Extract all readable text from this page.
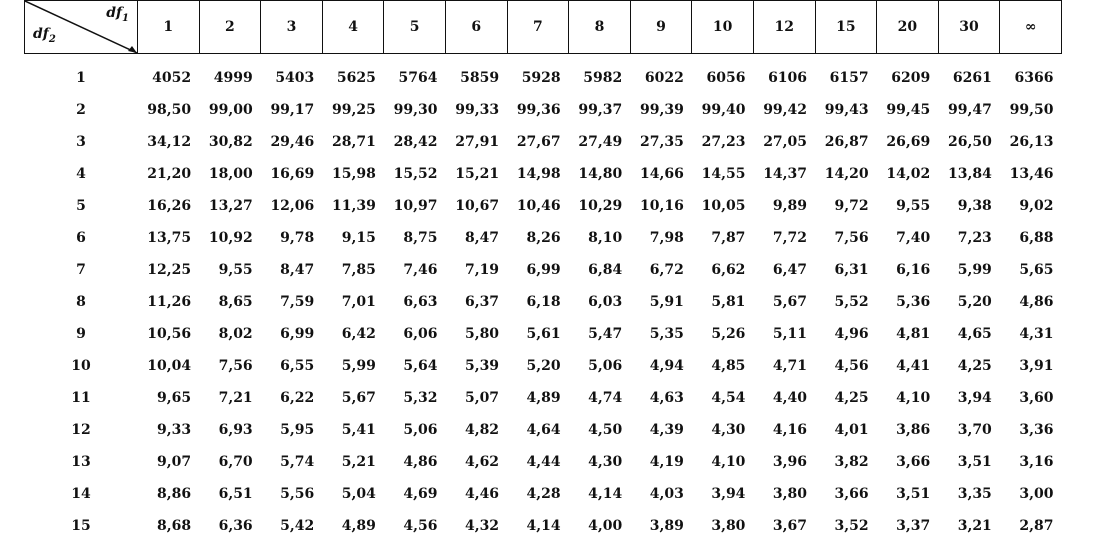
$df_1$
$df_2$	1	2	3	4	5	6	7	8	9	10	12	15	20	30	∞
1	4052	4999	5403	5625	5764	5859	5928	5982	6022	6056	6106	6157	6209	6261	6366
2	98,50	99,00	99,17	99,25	99,30	99,33	99,36	99,37	99,39	99,40	99,42	99,43	99,45	99,47	99,50
3	34,12	30,82	29,46	28,71	28,42	27,91	27,67	27,49	27,35	27,23	27,05	26,87	26,69	26,50	26,13
4	21,20	18,00	16,69	15,98	15,52	15,21	14,98	14,80	14,66	14,55	14,37	14,20	14,02	13,84	13,46
5	16,26	13,27	12,06	11,39	10,97	10,67	10,46	10,29	10,16	10,05	9,89	9,72	9,55	9,38	9,02
6	13,75	10,92	9,78	9,15	8,75	8,47	8,26	8,10	7,98	7,87	7,72	7,56	7,40	7,23	6,88
7	12,25	9,55	8,47	7,85	7,46	7,19	6,99	6,84	6,72	6,62	6,47	6,31	6,16	5,99	5,65
8	11,26	8,65	7,59	7,01	6,63	6,37	6,18	6,03	5,91	5,81	5,67	5,52	5,36	5,20	4,86
9	10,56	8,02	6,99	6,42	6,06	5,80	5,61	5,47	5,35	5,26	5,11	4,96	4,81	4,65	4,31
10	10,04	7,56	6,55	5,99	5,64	5,39	5,20	5,06	4,94	4,85	4,71	4,56	4,41	4,25	3,91
11	9,65	7,21	6,22	5,67	5,32	5,07	4,89	4,74	4,63	4,54	4,40	4,25	4,10	3,94	3,60
12	9,33	6,93	5,95	5,41	5,06	4,82	4,64	4,50	4,39	4,30	4,16	4,01	3,86	3,70	3,36
13	9,07	6,70	5,74	5,21	4,86	4,62	4,44	4,30	4,19	4,10	3,96	3,82	3,66	3,51	3,16
14	8,86	6,51	5,56	5,04	4,69	4,46	4,28	4,14	4,03	3,94	3,80	3,66	3,51	3,35	3,00
15	8,68	6,36	5,42	4,89	4,56	4,32	4,14	4,00	3,89	3,80	3,67	3,52	3,37	3,21	2,87
